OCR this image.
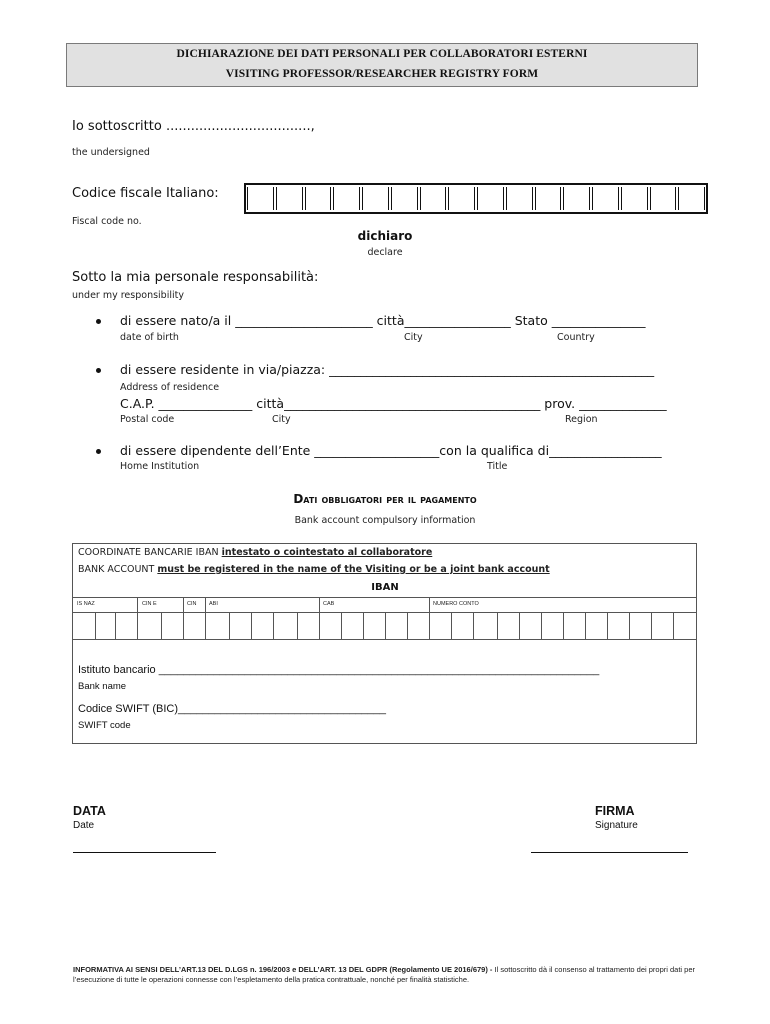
DICHIARAZIONE DEI DATI PERSONALI PER COLLABORATORI ESTERNI
VISITING PROFESSOR/RESEARCHER REGISTRY FORM
Io sottoscritto ...................................,
the undersigned
Codice fiscale Italiano:
Fiscal code no.
dichiaro
declare
Sotto la mia personale responsabilità:
under my responsibility
di essere nato/a il ______________________ città_________________ Stato _______________
date of birth	City	Country
di essere residente in via/piazza: ____________________________________________________
Address of residence
C.A.P. _______________ città_________________________________________ prov. ______________
Postal code	City	Region
di essere dipendente dell’Ente ____________________con la qualifica di__________________
Home Institution	Title
Dati obbligatori per il pagamento
Bank account compulsory information
COORDINATE BANCARIE IBAN intestato o cointestato al collaboratore
BANK ACCOUNT must be registered in the name of the Visiting or be a joint bank account
IBAN
IS NAZ	CIN E	CIN ABI	CAB	NUMERO CONTO
Istituto bancario ________________________________________________________________________
Bank name
Codice SWIFT (BIC)__________________________________
SWIFT code
DATA
Date
FIRMA
Signature
INFORMATIVA AI SENSI DELL’ART.13 DEL D.LGS n. 196/2003 e DELL’ART. 13 DEL GDPR (Regolamento UE 2016/679) - Il sottoscritto dà il consenso al trattamento dei propri dati per l’esecuzione di tutte le operazioni connesse con l’espletamento della pratica contrattuale, nonché per finalità statistiche.
